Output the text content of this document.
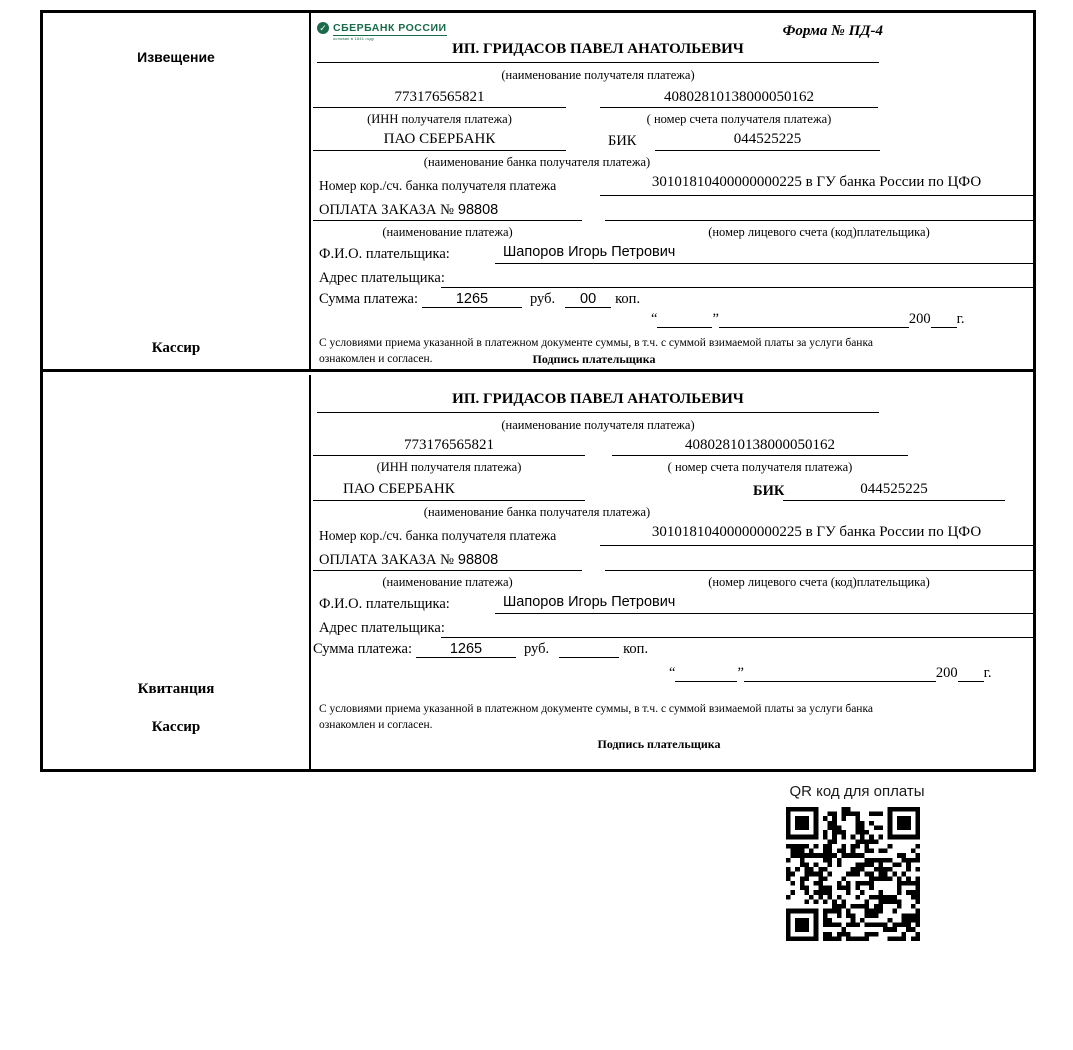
Извещение
Кассир
✓ СБЕРБАНК РОССИИ
основан в 1841 году	Форма № ПД-4
ИП. ГРИДАСОВ ПАВЕЛ АНАТОЛЬЕВИЧ
(наименование получателя платежа)
773176565821	40802810138000050162
(ИНН получателя платежа)	( номер счета получателя платежа)
ПАО СБЕРБАНК	БИК	044525225
(наименование банка получателя платежа)
Номер кор./сч. банка получателя платежа	30101810400000000225 в ГУ банка России по ЦФО
ОПЛАТА ЗАКАЗА № 98808
(наименование платежа)	(номер лицевого счета (код)плательщика)
Ф.И.О. плательщика:	Шапоров Игорь Петрович
Адрес плательщика:
Сумма платежа:	1265	руб.	00	коп.
“	”	200 г.
С условиями приема указанной в платежном документе суммы, в т.ч. с суммой взимаемой платы за услуги банка
ознакомлен и согласен.	Подпись плательщика
Квитанция
Кассир
ИП. ГРИДАСОВ ПАВЕЛ АНАТОЛЬЕВИЧ
(наименование получателя платежа)
773176565821	40802810138000050162
(ИНН получателя платежа)	( номер счета получателя платежа)
ПАО СБЕРБАНК	БИК	044525225
(наименование банка получателя платежа)
Номер кор./сч. банка получателя платежа	30101810400000000225 в ГУ банка России по ЦФО
ОПЛАТА ЗАКАЗА № 98808
(наименование платежа)	(номер лицевого счета (код)плательщика)
Ф.И.О. плательщика:	Шапоров Игорь Петрович
Адрес плательщика:
Сумма платежа:	1265	руб.	коп.
“	”	200 г.
С условиями приема указанной в платежном документе суммы, в т.ч. с суммой взимаемой платы за услуги банка
ознакомлен и согласен.
Подпись плательщика
QR код для оплаты
